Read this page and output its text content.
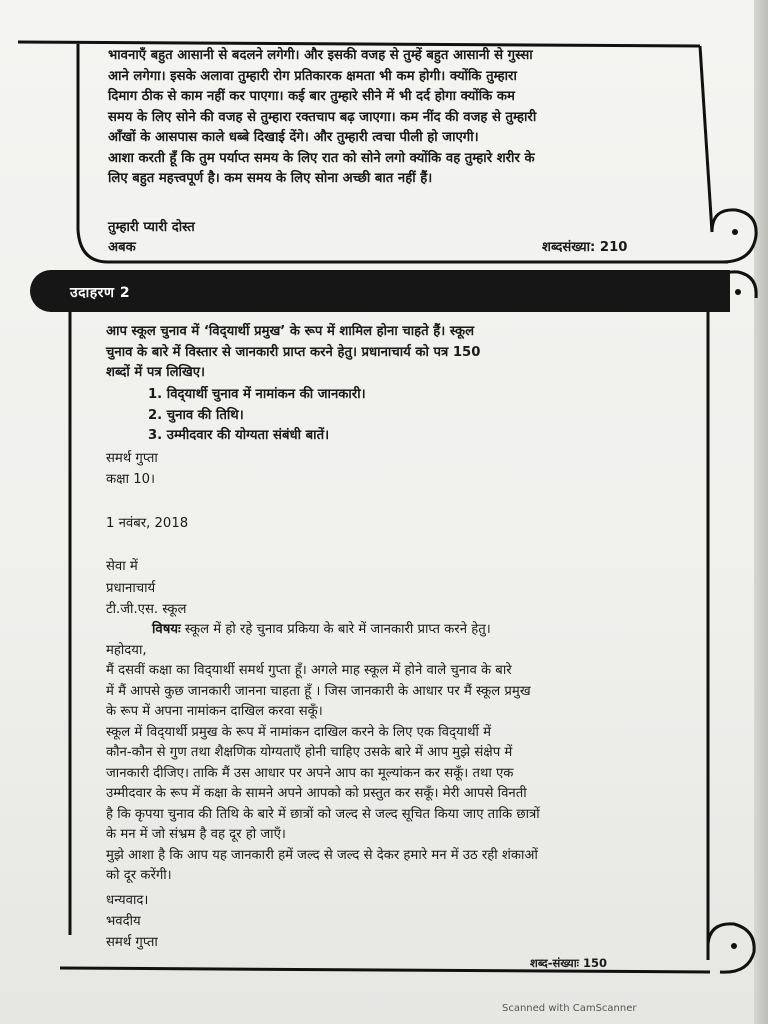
भावनाएँ बहुत आसानी से बदलने लगेगी। और इसकी वजह से तुम्हें बहुत आसानी से गुस्सा
आने लगेगा। इसके अलावा तुम्हारी रोग प्रतिकारक क्षमता भी कम होगी। क्योंकि तुम्हारा
दिमाग ठीक से काम नहीं कर पाएगा। कई बार तुम्हारे सीने में भी दर्द होगा क्योंकि कम
समय के लिए सोने की वजह से तुम्हारा रक्तचाप बढ़ जाएगा। कम नींद की वजह से तुम्हारी
आँखों के आसपास काले धब्बे दिखाई देंगे। और तुम्हारी त्वचा पीली हो जाएगी।
आशा करती हूँ कि तुम पर्याप्त समय के लिए रात को सोने लगो क्योंकि वह तुम्हारे शरीर के
लिए बहुत महत्त्वपूर्ण है। कम समय के लिए सोना अच्छी बात नहीं हैं।
तुम्हारी प्यारी दोस्त
अबक	शब्दसंख्या: 210
उदाहरण 2
आप स्कूल चुनाव में ‘विद्‌यार्थी प्रमुख’ के रूप में शामिल होना चाहते हैं। स्कूल
चुनाव के बारे में विस्तार से जानकारी प्राप्त करने हेतु। प्रधानाचार्य को पत्र 150
शब्दों में पत्र लिखिए।
1. विद्‌यार्थी चुनाव में नामांकन की जानकारी।
2. चुनाव की तिथि।
3. उम्मीदवार की योग्यता संबंधी बातें।
समर्थ गुप्ता
कक्षा 10।
1 नवंबर, 2018
सेवा में
प्रधानाचार्य
टी.जी.एस. स्कूल
विषयः स्कूल में हो रहे चुनाव प्रकिया के बारे में जानकारी प्राप्त करने हेतु।
महोदया,
मैं दसवीं कक्षा का विद्‌यार्थी समर्थ गुप्ता हूँ। अगले माह स्कूल में होने वाले चुनाव के बारे
में मैं आपसे कुछ जानकारी जानना चाहता हूँ । जिस जानकारी के आधार पर मैं स्कूल प्रमुख
के रूप में अपना नामांकन दाखिल करवा सकूँ।
स्कूल में विद्‌यार्थी प्रमुख के रूप में नामांकन दाखिल करने के लिए एक विद्‌यार्थी में
कौन-कौन से गुण तथा शैक्षणिक योग्यताएँ होनी चाहिए उसके बारे में आप मुझे संक्षेप में
जानकारी दीजिए। ताकि मैं उस आधार पर अपने आप का मूल्यांकन कर सकूँ। तथा एक
उम्मीदवार के रूप में कक्षा के सामने अपने आपको को प्रस्तुत कर सकूँ। मेरी आपसे विनती
है कि कृपया चुनाव की तिथि के बारे में छात्रों को जल्द से जल्द सूचित किया जाए ताकि छात्रों
के मन में जो संभ्रम है वह दूर हो जाएँ।
मुझे आशा है कि आप यह जानकारी हमें जल्द से जल्द से देकर हमारे मन में उठ रही शंकाओं
को दूर करेंगी।
धन्यवाद।
भवदीय
समर्थ गुप्ता
शब्द-संख्याः 150
Scanned with CamScanner
